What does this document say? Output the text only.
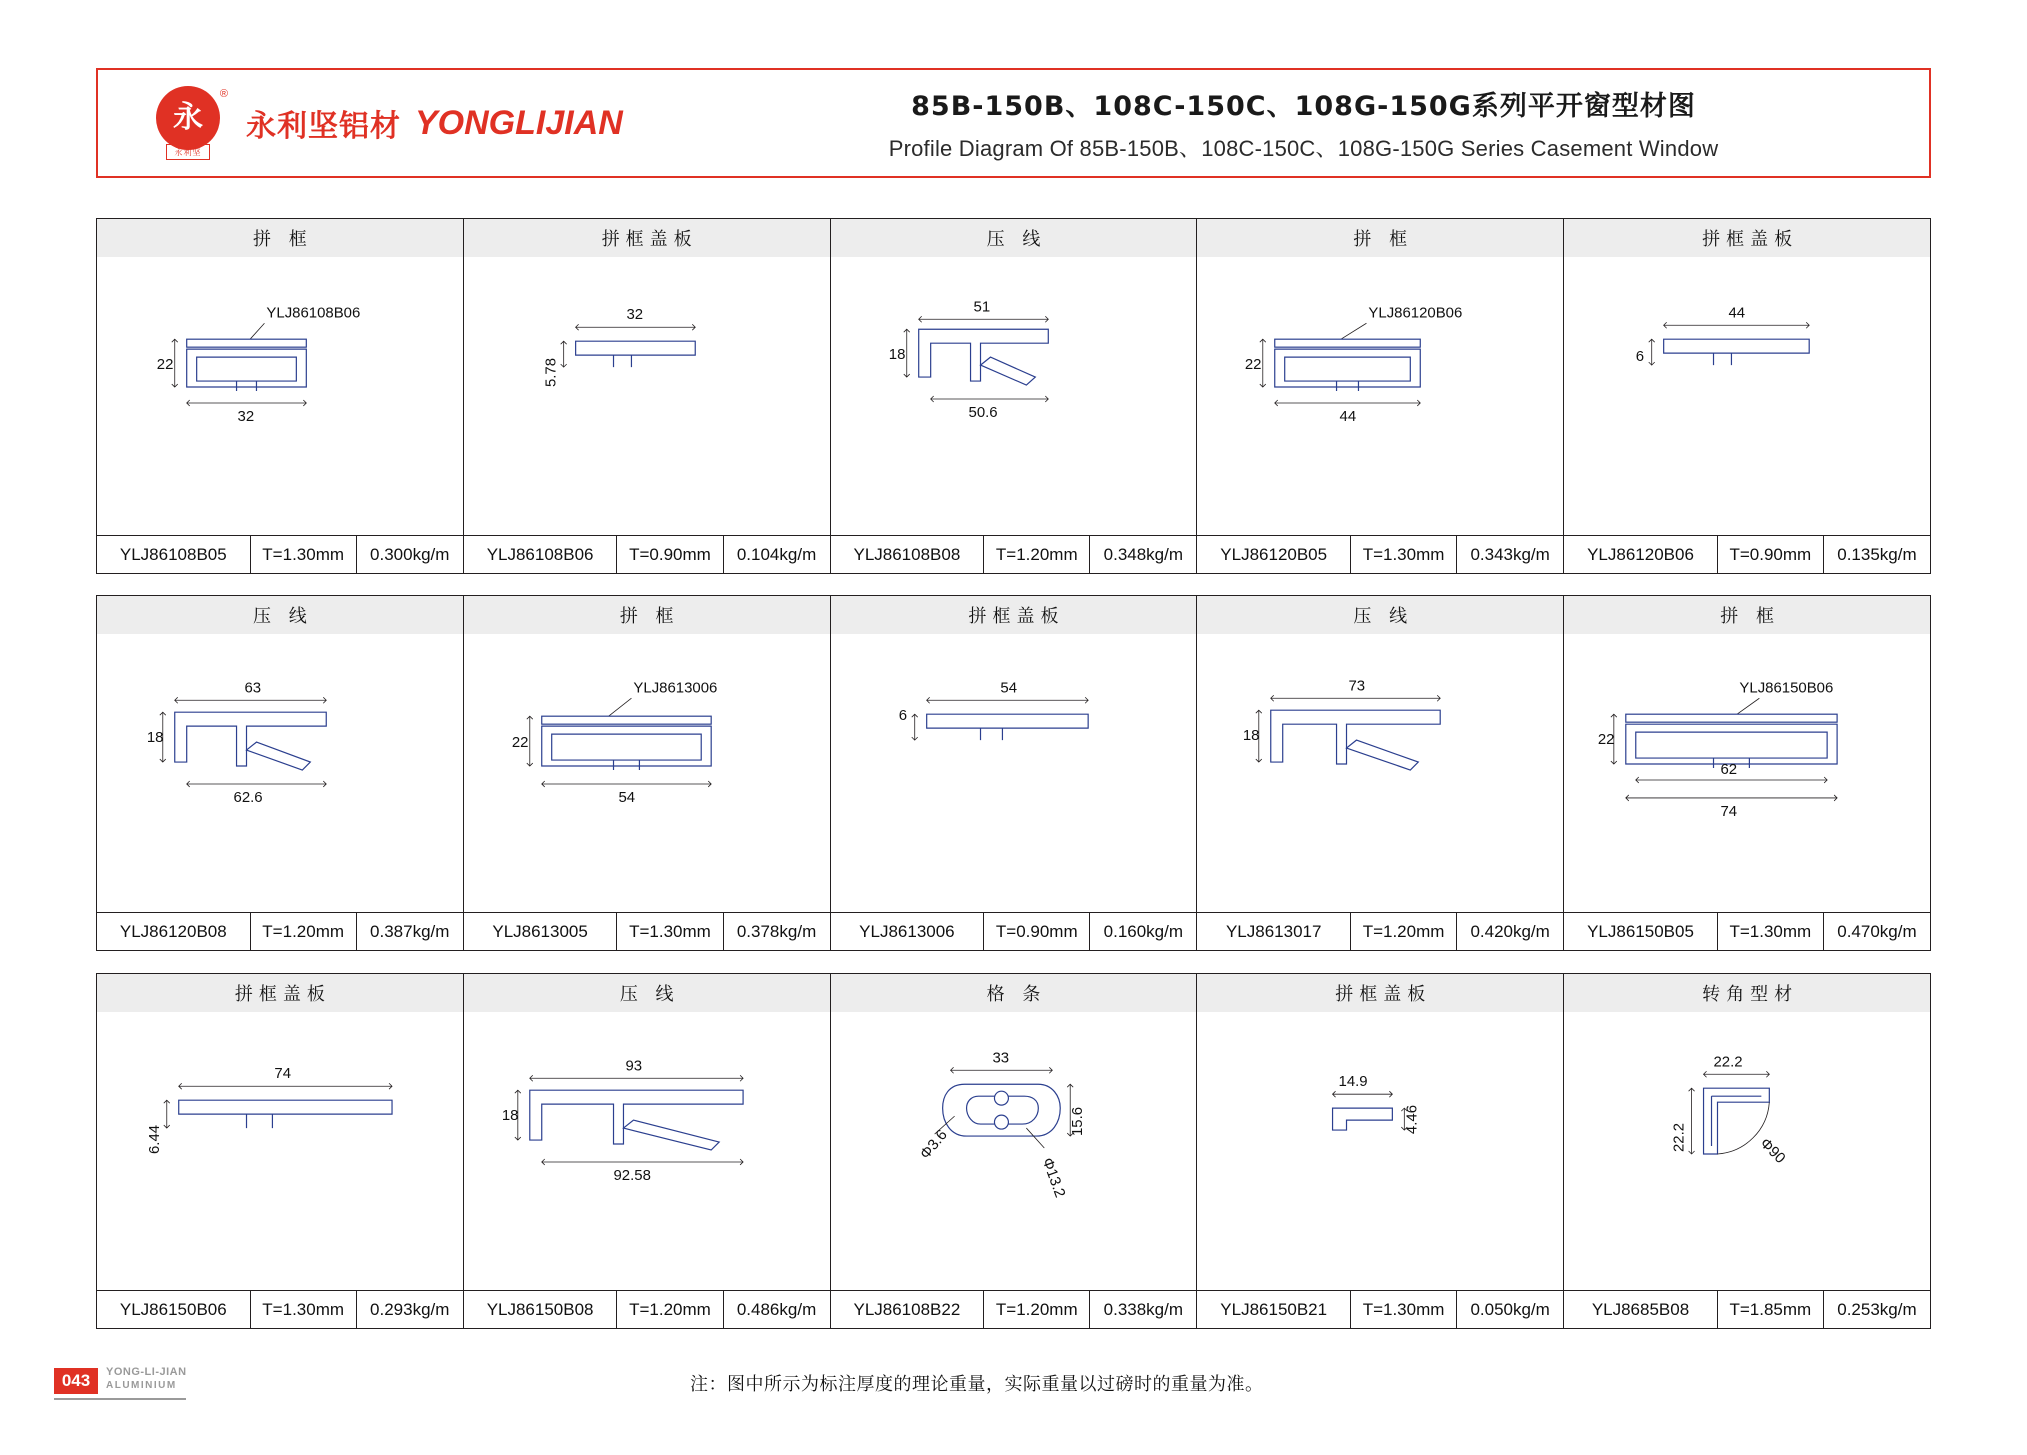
永
®
永利坚
永利坚铝材 YONGLIJIAN	85B-150B、108C-150C、108G-150G系列平开窗型材图
Profile Diagram Of 85B-150B、108C-150C、108G-150G Series Casement Window
拼 框	拼框盖板	压 线	拼 框	拼框盖板
YLJ86108B06
22
32
32
5.78
51
18
50.6
YLJ86120B06
22
44
44
6
YLJ86108B05	T=1.30mm	0.300kg/m	YLJ86108B06	T=0.90mm	0.104kg/m	YLJ86108B08	T=1.20mm	0.348kg/m	YLJ86120B05	T=1.30mm	0.343kg/m	YLJ86120B06	T=0.90mm	0.135kg/m
压 线	拼 框	拼框盖板	压 线	拼 框
63
18
62.6
YLJ8613006
22
54
54
6
73
18
YLJ86150B06
22
62
74
YLJ86120B08	T=1.20mm	0.387kg/m	YLJ8613005	T=1.30mm	0.378kg/m	YLJ8613006	T=0.90mm	0.160kg/m	YLJ8613017	T=1.20mm	0.420kg/m	YLJ86150B05	T=1.30mm	0.470kg/m
拼框盖板	压 线	格 条	拼框盖板	转角型材
74
6.44
93
18
92.58
33
15.6
Φ3.6
Φ13.2
14.9
4.46
22.2
22.2	Φ90
YLJ86150B06	T=1.30mm	0.293kg/m	YLJ86150B08	T=1.20mm	0.486kg/m	YLJ86108B22	T=1.20mm	0.338kg/m	YLJ86150B21	T=1.30mm	0.050kg/m	YLJ8685B08	T=1.85mm	0.253kg/m
043	YONG-LI-JIAN
ALUMINIUM	注：图中所示为标注厚度的理论重量，实际重量以过磅时的重量为准。
